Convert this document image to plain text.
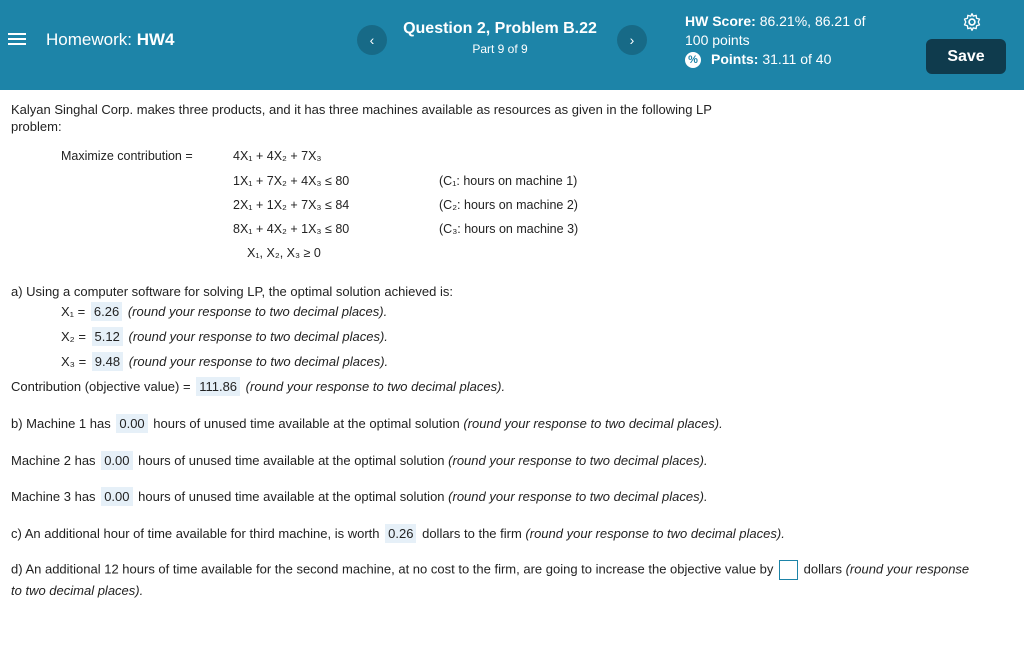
Homework: HW4	‹
Question 2, Problem B.22
Part 9 of 9
›
HW Score: 86.21%, 86.21 of
100 points
% Points:
31.11 of 40	Save
Kalyan Singhal Corp. makes three products, and it has three machines available as resources as given in the following LP problem:
Maximize contribution =	4X₁ + 4X₂ + 7X₃
1X₁ + 7X₂ + 4X₃ ≤ 80	(C₁: hours on machine 1)
2X₁ + 1X₂ + 7X₃ ≤ 84	(C₂: hours on machine 2)
8X₁ + 4X₂ + 1X₃ ≤ 80	(C₃: hours on machine 3)
X₁, X₂, X₃ ≥ 0
a) Using a computer software for solving LP, the optimal solution achieved is:
X₁ = 6.26 (round your response to two decimal places).
X₂ = 5.12 (round your response to two decimal places).
X₃ = 9.48 (round your response to two decimal places).
Contribution (objective value) = 111.86 (round your response to two decimal places).
b) Machine 1 has 0.00 hours of unused time available at the optimal solution (round your response to two decimal places).
Machine 2 has 0.00 hours of unused time available at the optimal solution (round your response to two decimal places).
Machine 3 has 0.00 hours of unused time available at the optimal solution (round your response to two decimal places).
c) An additional hour of time available for third machine, is worth 0.26 dollars to the firm (round your response to two decimal places).
d) An additional 12 hours of time available for the second machine, at no cost to the firm, are going to increase the objective value by dollars (round your response
to two decimal places).
